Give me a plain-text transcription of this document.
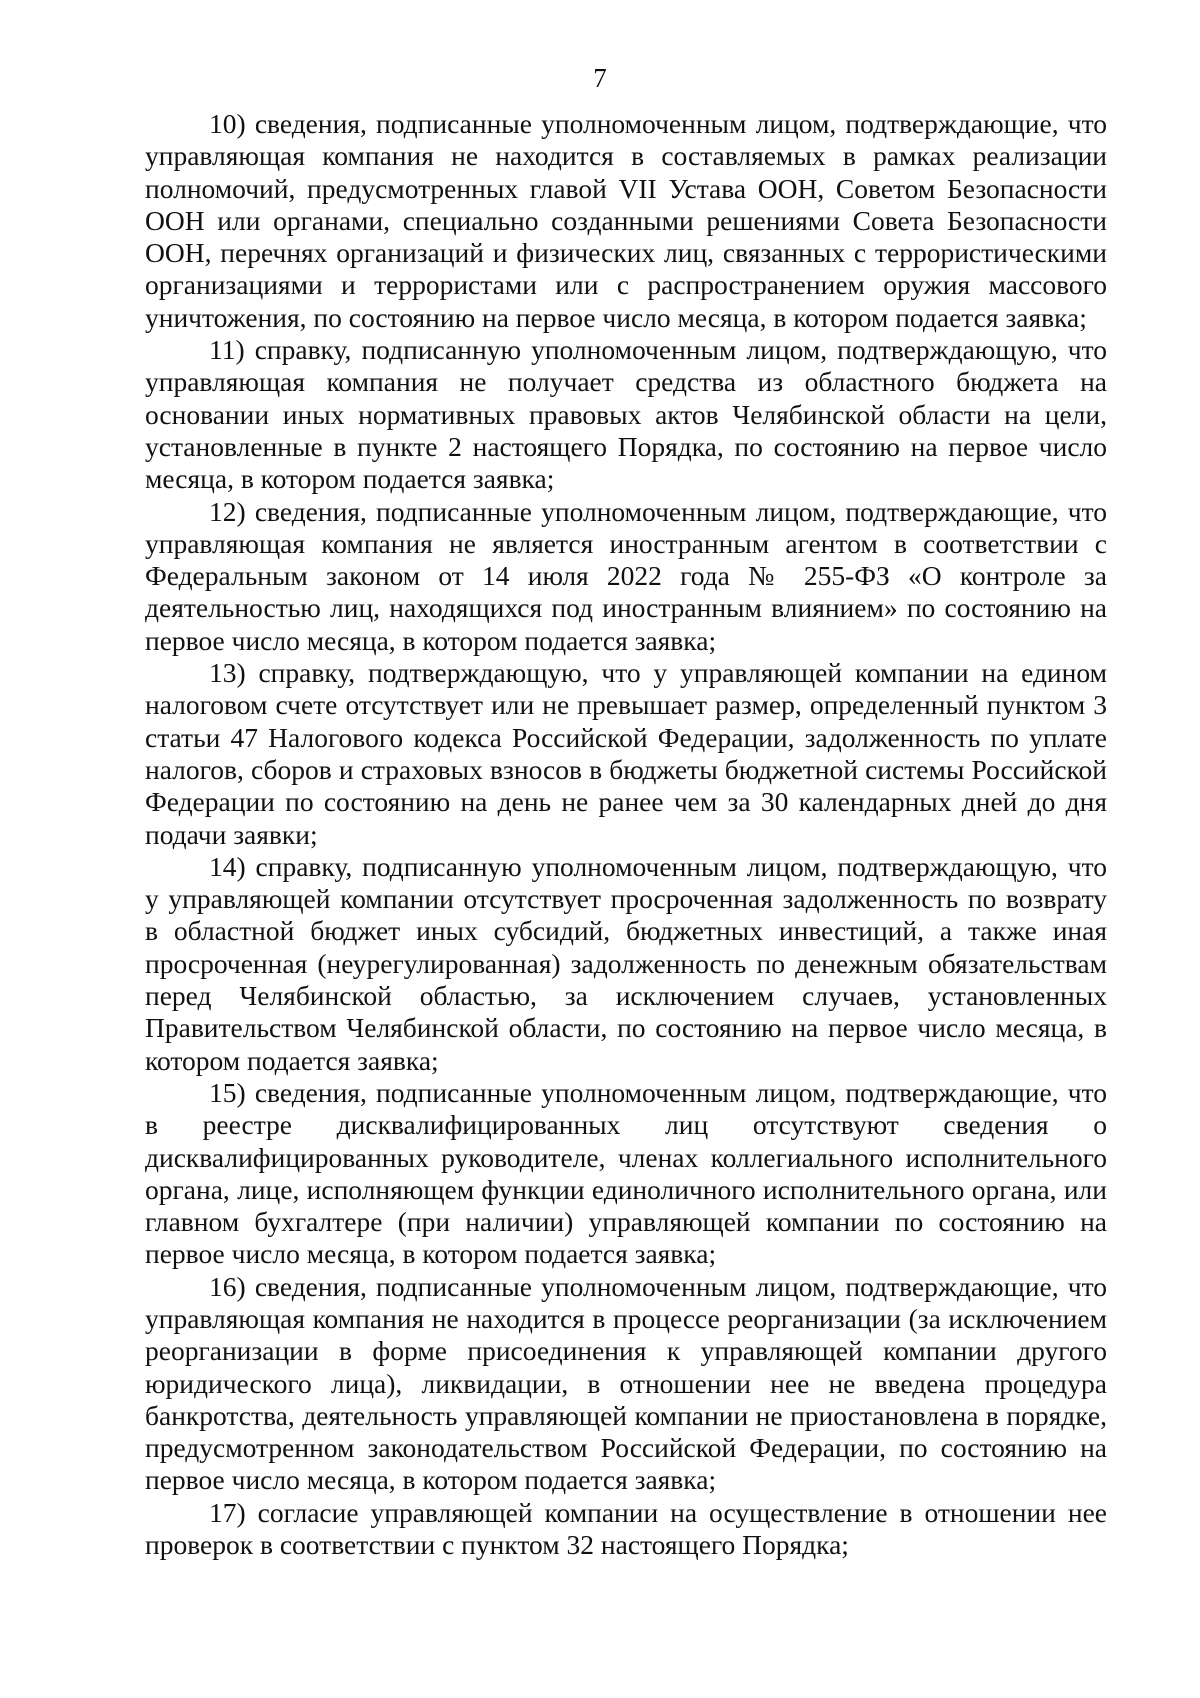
7

10) сведения, подписанные уполномоченным лицом, подтверждающие, что управляющая компания не находится в составляемых в рамках реализации полномочий, предусмотренных главой VII Устава ООН, Советом Безопасности ООН или органами, специально созданными решениями Совета Безопасности ООН, перечнях организаций и физических лиц, связанных с террористическими организациями и террористами или с распространением оружия массового уничтожения, по состоянию на первое число месяца, в котором подается заявка;

11) справку, подписанную уполномоченным лицом, подтверждающую, что управляющая компания не получает средства из областного бюджета на основании иных нормативных правовых актов Челябинской области на цели, установленные в пункте 2 настоящего Порядка, по состоянию на первое число месяца, в котором подается заявка;

12) сведения, подписанные уполномоченным лицом, подтверждающие, что управляющая компания не является иностранным агентом в соответствии с Федеральным законом от 14 июля 2022 года № 255-ФЗ «О контроле за деятельностью лиц, находящихся под иностранным влиянием» по состоянию на первое число месяца, в котором подается заявка;

13) справку, подтверждающую, что у управляющей компании на едином налоговом счете отсутствует или не превышает размер, определенный пунктом 3 статьи 47 Налогового кодекса Российской Федерации, задолженность по уплате налогов, сборов и страховых взносов в бюджеты бюджетной системы Российской Федерации по состоянию на день не ранее чем за 30 календарных дней до дня подачи заявки;

14) справку, подписанную уполномоченным лицом, подтверждающую, что у управляющей компании отсутствует просроченная задолженность по возврату в областной бюджет иных субсидий, бюджетных инвестиций, а также иная просроченная (неурегулированная) задолженность по денежным обязательствам перед Челябинской областью, за исключением случаев, установленных Правительством Челябинской области, по состоянию на первое число месяца, в котором подается заявка;

15) сведения, подписанные уполномоченным лицом, подтверждающие, что в реестре дисквалифицированных лиц отсутствуют сведения о дисквалифицированных руководителе, членах коллегиального исполнительного органа, лице, исполняющем функции единоличного исполнительного органа, или главном бухгалтере (при наличии) управляющей компании по состоянию на первое число месяца, в котором подается заявка;

16) сведения, подписанные уполномоченным лицом, подтверждающие, что управляющая компания не находится в процессе реорганизации (за исключением реорганизации в форме присоединения к управляющей компании другого юридического лица), ликвидации, в отношении нее не введена процедура банкротства, деятельность управляющей компании не приостановлена в порядке, предусмотренном законодательством Российской Федерации, по состоянию на первое число месяца, в котором подается заявка;

17) согласие управляющей компании на осуществление в отношении нее проверок в соответствии с пунктом 32 настоящего Порядка;
